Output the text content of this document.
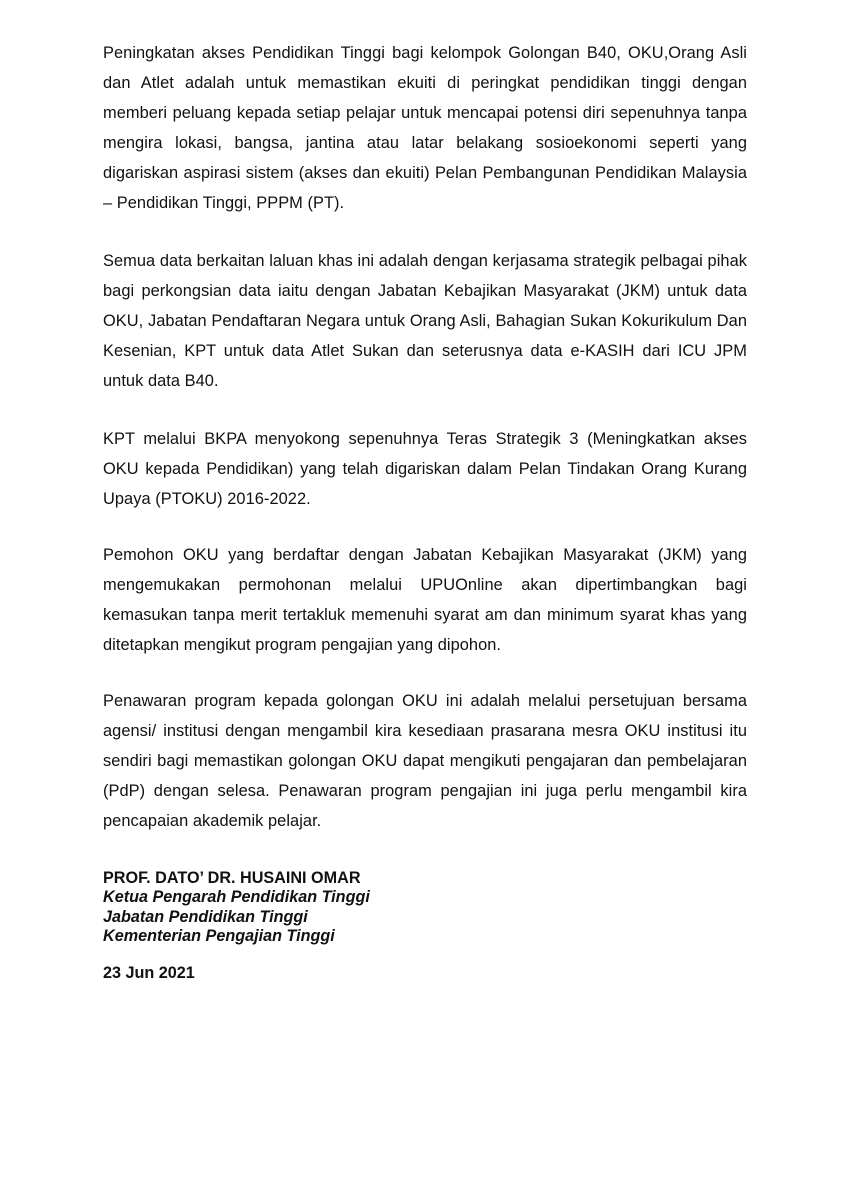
Peningkatan akses Pendidikan Tinggi bagi kelompok Golongan B40, OKU,Orang Asli dan Atlet adalah untuk memastikan ekuiti di peringkat pendidikan tinggi dengan memberi peluang kepada setiap pelajar untuk mencapai potensi diri sepenuhnya tanpa mengira lokasi, bangsa, jantina atau latar belakang sosioekonomi seperti yang digariskan aspirasi sistem (akses dan ekuiti) Pelan Pembangunan Pendidikan Malaysia – Pendidikan Tinggi, PPPM (PT).

Semua data berkaitan laluan khas ini adalah dengan kerjasama strategik pelbagai pihak bagi perkongsian data iaitu dengan Jabatan Kebajikan Masyarakat (JKM) untuk data OKU, Jabatan Pendaftaran Negara untuk Orang Asli, Bahagian Sukan Kokurikulum Dan Kesenian, KPT untuk data Atlet Sukan dan seterusnya data e-KASIH dari ICU JPM untuk data B40.

KPT melalui BKPA menyokong sepenuhnya Teras Strategik 3 (Meningkatkan akses OKU kepada Pendidikan) yang telah digariskan dalam Pelan Tindakan Orang Kurang Upaya (PTOKU) 2016-2022.

Pemohon OKU yang berdaftar dengan Jabatan Kebajikan Masyarakat (JKM) yang mengemukakan permohonan melalui UPUOnline akan dipertimbangkan bagi kemasukan tanpa merit tertakluk memenuhi syarat am dan minimum syarat khas yang ditetapkan mengikut program pengajian yang dipohon.

Penawaran program kepada golongan OKU ini adalah melalui persetujuan bersama agensi/ institusi dengan mengambil kira kesediaan prasarana mesra OKU institusi itu sendiri bagi memastikan golongan OKU dapat mengikuti pengajaran dan pembelajaran (PdP) dengan selesa. Penawaran program pengajian ini juga perlu mengambil kira pencapaian akademik pelajar.

PROF. DATO’ DR. HUSAINI OMAR
Ketua Pengarah Pendidikan Tinggi
Jabatan Pendidikan Tinggi
Kementerian Pengajian Tinggi
23 Jun 2021
